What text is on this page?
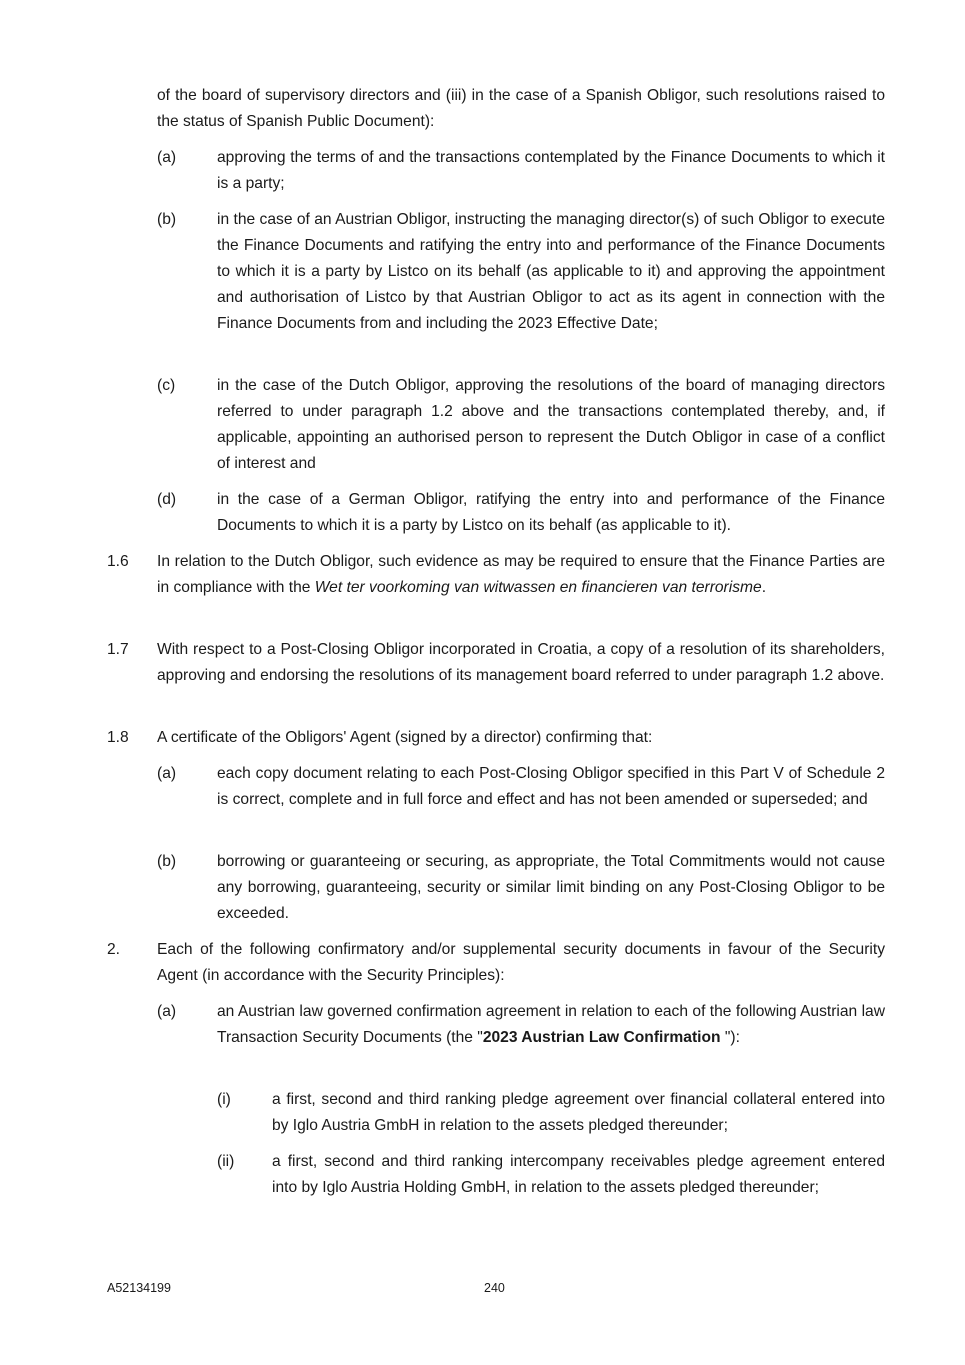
of the board of supervisory directors and (iii) in the case of a Spanish Obligor, such resolutions raised to the status of Spanish Public Document):

(a)	approving the terms of and the transactions contemplated by the Finance Documents to which it is a party;

(b)	in the case of an Austrian Obligor, instructing the managing director(s) of such Obligor to execute the Finance Documents and ratifying the entry into and performance of the Finance Documents to which it is a party by Listco on its behalf (as applicable to it) and approving the appointment and authorisation of Listco by that Austrian Obligor to act as its agent in connection with the Finance Documents from and including the 2023 Effective Date;

(c)	in the case of the Dutch Obligor, approving the resolutions of the board of managing directors referred to under paragraph 1.2 above and the transactions contemplated thereby, and, if applicable, appointing an authorised person to represent the Dutch Obligor in case of a conflict of interest and

(d)	in the case of a German Obligor, ratifying the entry into and performance of the Finance Documents to which it is a party by Listco on its behalf (as applicable to it).

1.6 In relation to the Dutch Obligor, such evidence as may be required to ensure that the Finance Parties are in compliance with the Wet ter voorkoming van witwassen en financieren van terrorisme.

1.7 With respect to a Post-Closing Obligor incorporated in Croatia, a copy of a resolution of its shareholders, approving and endorsing the resolutions of its management board referred to under paragraph 1.2 above.

1.8 A certificate of the Obligors' Agent (signed by a director) confirming that:

(a)	each copy document relating to each Post-Closing Obligor specified in this Part V of Schedule 2 is correct, complete and in full force and effect and has not been amended or superseded; and

(b)	borrowing or guaranteeing or securing, as appropriate, the Total Commitments would not cause any borrowing, guaranteeing, security or similar limit binding on any Post-Closing Obligor to be exceeded.

2. Each of the following confirmatory and/or supplemental security documents in favour of the Security Agent (in accordance with the Security Principles):

(a)	an Austrian law governed confirmation agreement in relation to each of the following Austrian law Transaction Security Documents (the "2023 Austrian Law Confirmation "):

(i)	a first, second and third ranking pledge agreement over financial collateral entered into by Iglo Austria GmbH in relation to the assets pledged thereunder;

(ii) a first, second and third ranking intercompany receivables pledge agreement entered into by Iglo Austria Holding GmbH, in relation to the assets pledged thereunder;

A52134199	240
